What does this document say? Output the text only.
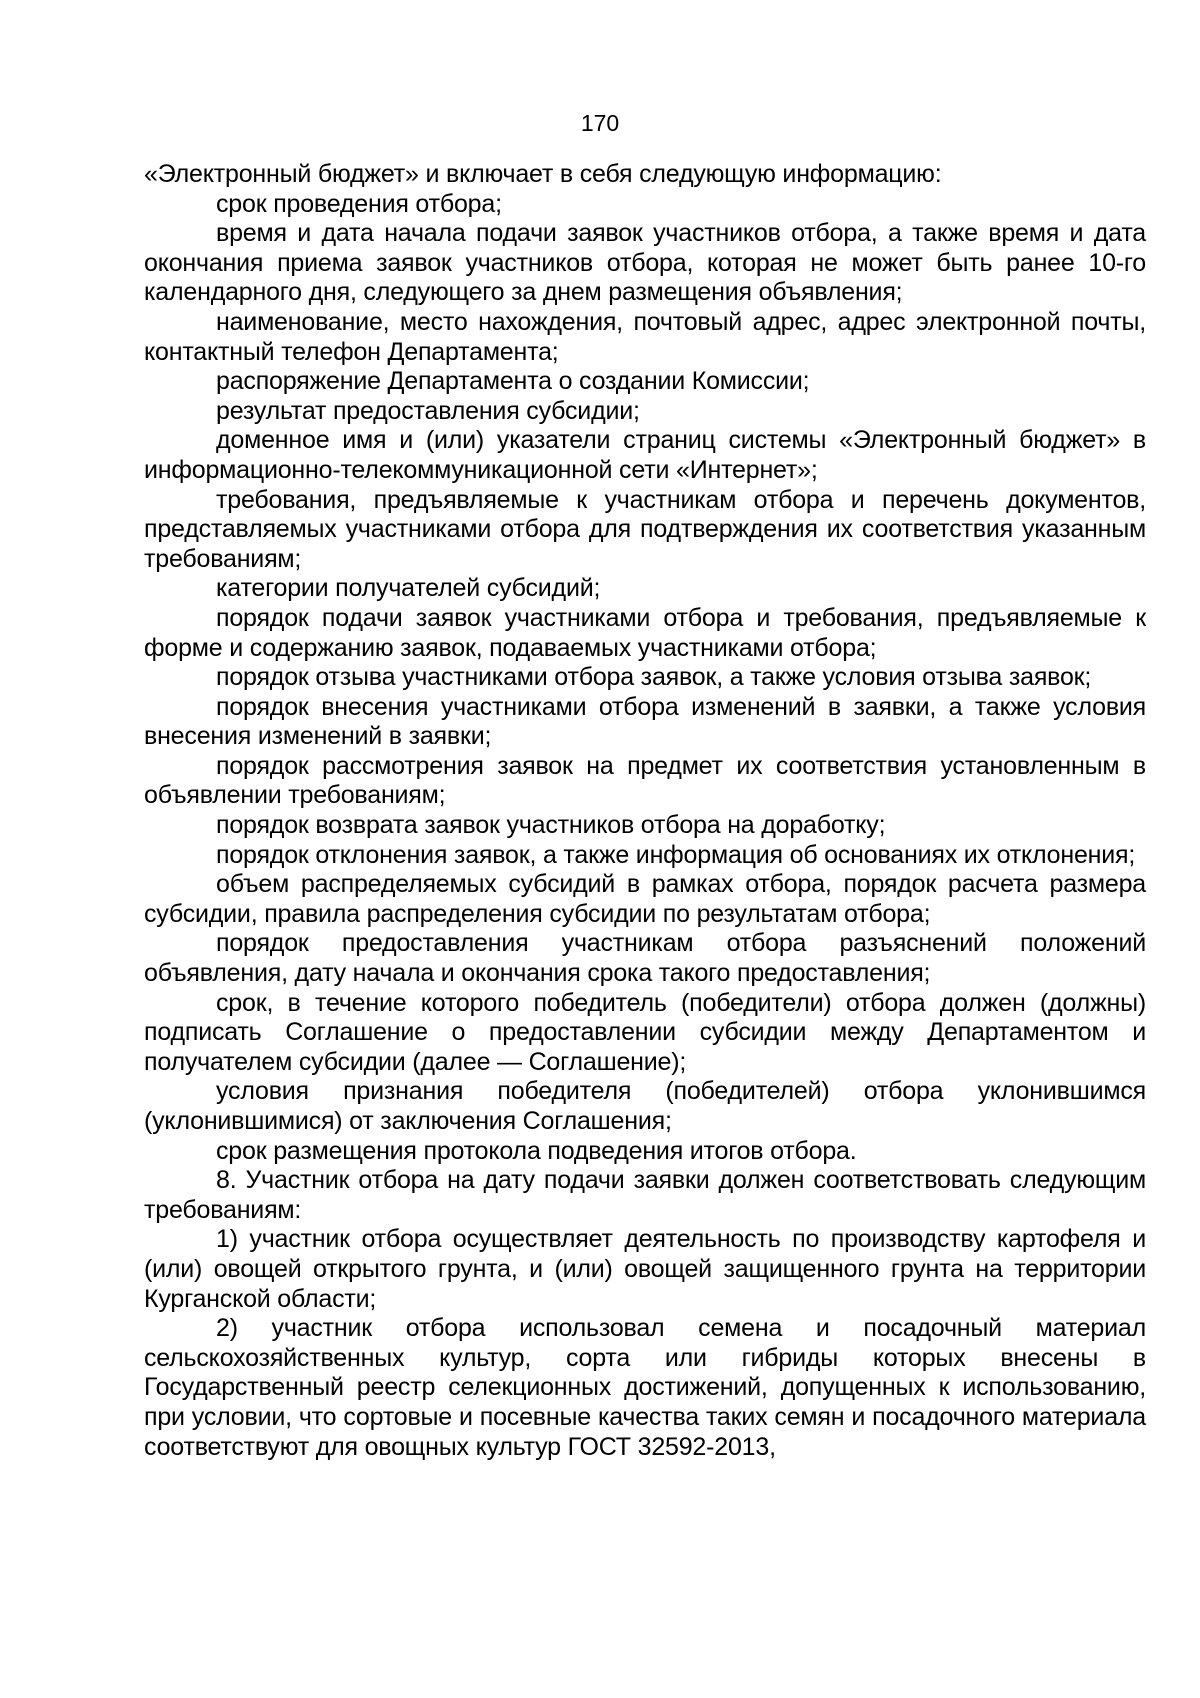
170

«Электронный бюджет» и включает в себя следующую информацию:

срок проведения отбора;

время и дата начала подачи заявок участников отбора, а также время и дата окончания приема заявок участников отбора, которая не может быть ранее 10-го календарного дня, следующего за днем размещения объявления;

наименование, место нахождения, почтовый адрес, адрес электронной почты, контактный телефон Департамента;

распоряжение Департамента о создании Комиссии;

результат предоставления субсидии;

доменное имя и (или) указатели страниц системы «Электронный бюджет» в информационно-телекоммуникационной сети «Интернет»;

требования, предъявляемые к участникам отбора и перечень документов, представляемых участниками отбора для подтверждения их соответствия указанным требованиям;

категории получателей субсидий;

порядок подачи заявок участниками отбора и требования, предъявляемые к форме и содержанию заявок, подаваемых участниками отбора;

порядок отзыва участниками отбора заявок, а также условия отзыва заявок;

порядок внесения участниками отбора изменений в заявки, а также условия внесения изменений в заявки;

порядок рассмотрения заявок на предмет их соответствия установленным в объявлении требованиям;

порядок возврата заявок участников отбора на доработку;

порядок отклонения заявок, а также информация об основаниях их отклонения;

объем распределяемых субсидий в рамках отбора, порядок расчета размера субсидии, правила распределения субсидии по результатам отбора;

порядок предоставления участникам отбора разъяснений положений объявления, дату начала и окончания срока такого предоставления;

срок, в течение которого победитель (победители) отбора должен (должны) подписать Соглашение о предоставлении субсидии между Департаментом и получателем субсидии (далее — Соглашение);

условия признания победителя (победителей) отбора уклонившимся (уклонившимися) от заключения Соглашения;

срок размещения протокола подведения итогов отбора.

8. Участник отбора на дату подачи заявки должен соответствовать следующим требованиям:

1) участник отбора осуществляет деятельность по производству картофеля и (или) овощей открытого грунта, и (или) овощей защищенного грунта на территории Курганской области;

2) участник отбора использовал семена и посадочный материал сельскохозяйственных культур, сорта или гибриды которых внесены в Государственный реестр селекционных достижений, допущенных к использованию, при условии, что сортовые и посевные качества таких семян и посадочного материала соответствуют для овощных культур ГОСТ 32592-2013,
